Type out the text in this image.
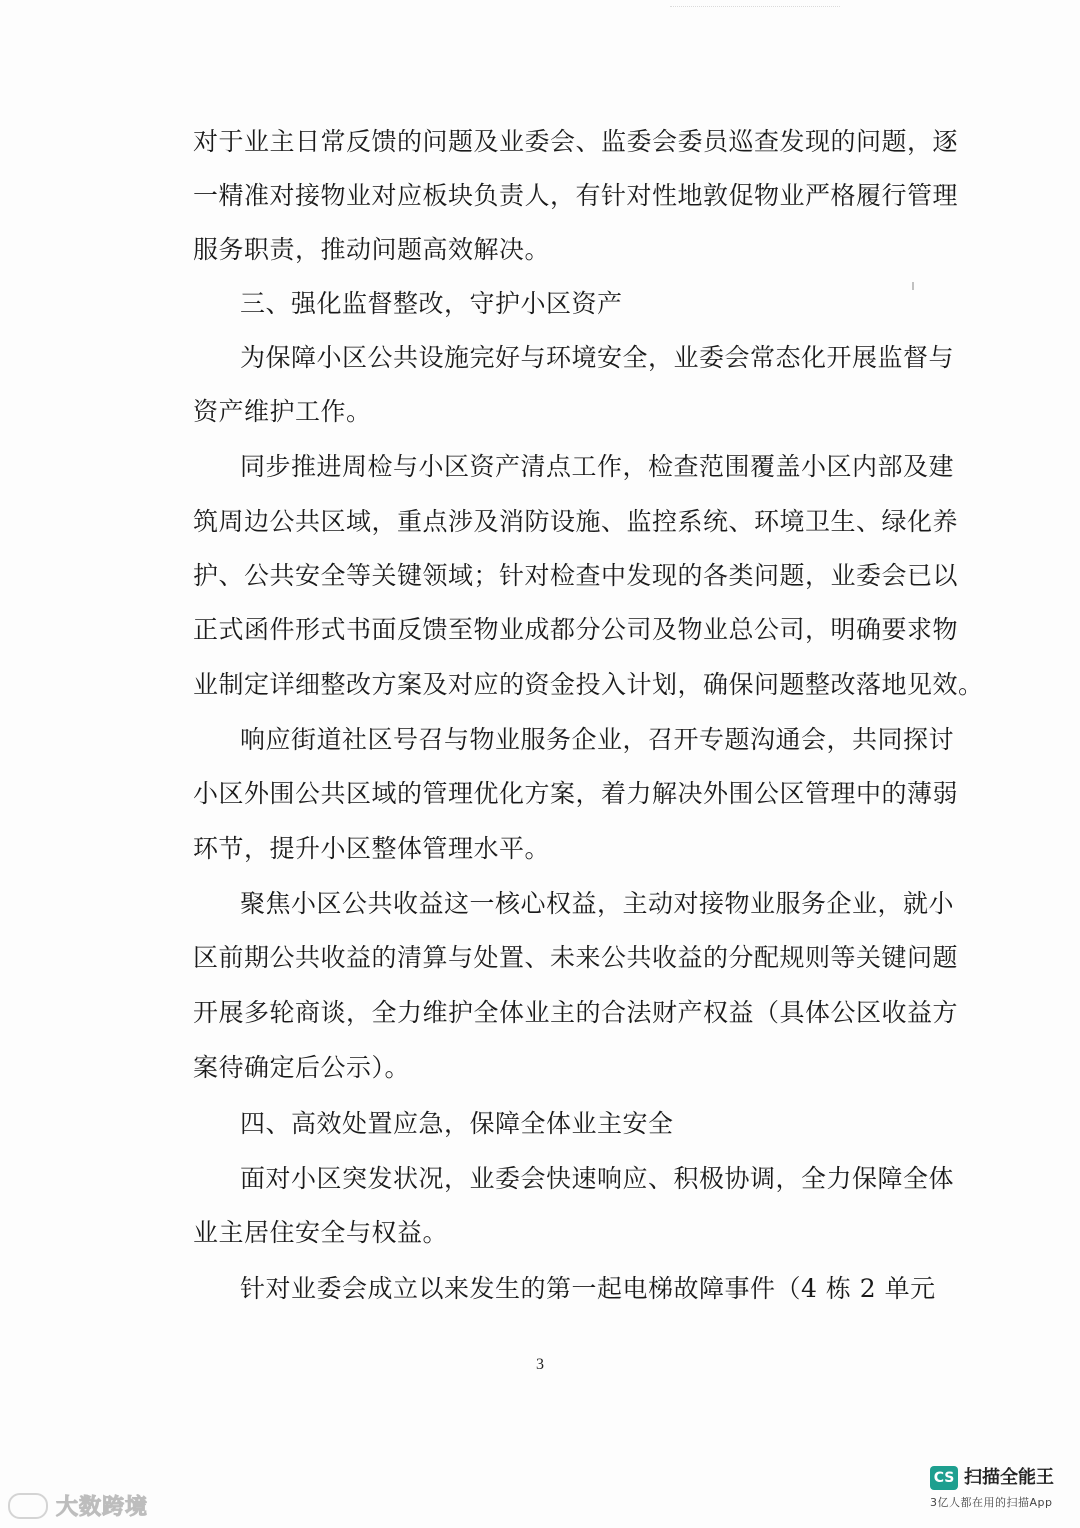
对于业主日常反馈的问题及业委会、监委会委员巡查发现的问题，逐
一精准对接物业对应板块负责人，有针对性地敦促物业严格履行管理
服务职责，推动问题高效解决。
三、强化监督整改，守护小区资产
为保障小区公共设施完好与环境安全，业委会常态化开展监督与
资产维护工作。
同步推进周检与小区资产清点工作，检查范围覆盖小区内部及建
筑周边公共区域，重点涉及消防设施、监控系统、环境卫生、绿化养
护、公共安全等关键领域；针对检查中发现的各类问题，业委会已以
正式函件形式书面反馈至物业成都分公司及物业总公司，明确要求物
业制定详细整改方案及对应的资金投入计划，确保问题整改落地见效。
响应街道社区号召与物业服务企业，召开专题沟通会，共同探讨
小区外围公共区域的管理优化方案，着力解决外围公区管理中的薄弱
环节，提升小区整体管理水平。
聚焦小区公共收益这一核心权益，主动对接物业服务企业，就小
区前期公共收益的清算与处置、未来公共收益的分配规则等关键问题
开展多轮商谈，全力维护全体业主的合法财产权益（具体公区收益方
案待确定后公示）。
四、高效处置应急，保障全体业主安全
面对小区突发状况，业委会快速响应、积极协调，全力保障全体
业主居住安全与权益。
针对业委会成立以来发生的第一起电梯故障事件（4 栋 2 单元
3
大数跨境
CS 扫描全能王
3亿人都在用的扫描App
